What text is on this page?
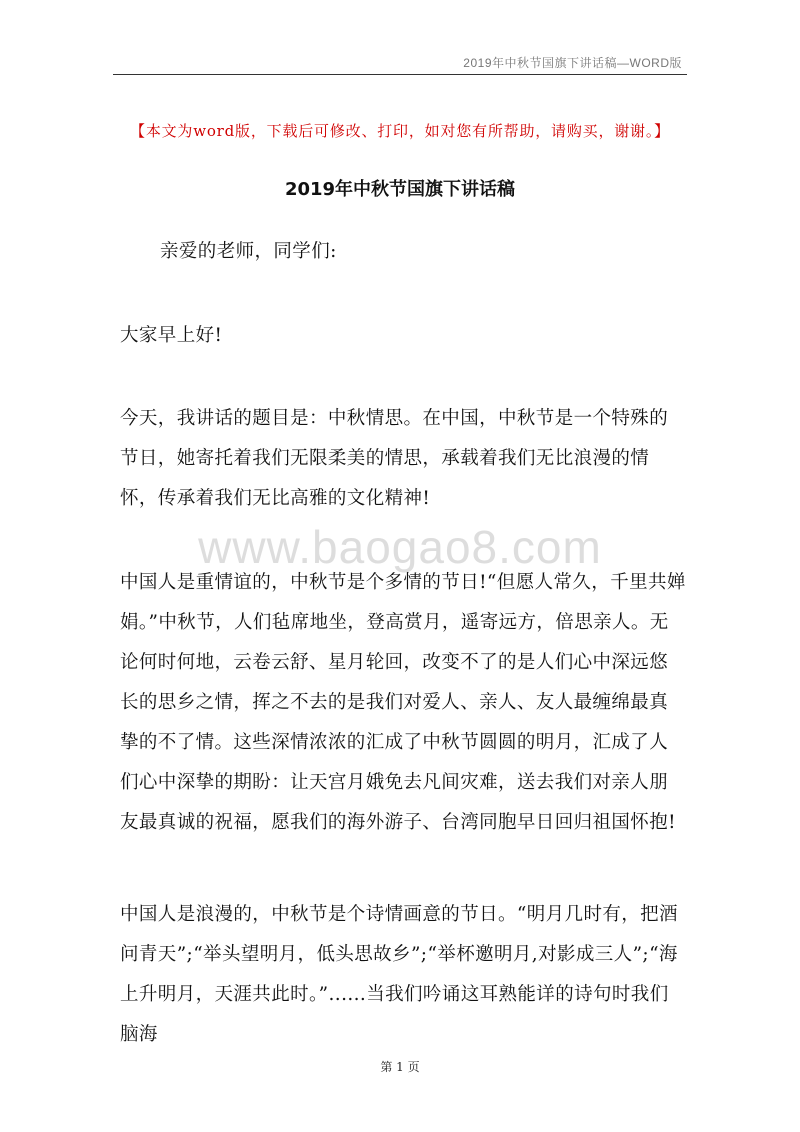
2019年中秋节国旗下讲话稿—WORD版
【本文为word版，下载后可修改、打印，如对您有所帮助，请购买，谢谢。】
2019年中秋节国旗下讲话稿

亲爱的老师，同学们:

大家早上好!

今天，我讲话的题目是：中秋情思。在中国，中秋节是一个特殊的节日，她寄托着我们无限柔美的情思，承载着我们无比浪漫的情怀，传承着我们无比高雅的文化精神!

中国人是重情谊的，中秋节是个多情的节日!“但愿人常久，千里共婵娟。”中秋节，人们毡席地坐，登高赏月，遥寄远方，倍思亲人。无论何时何地，云卷云舒、星月轮回，改变不了的是人们心中深远悠长的思乡之情，挥之不去的是我们对爱人、亲人、友人最缠绵最真挚的不了情。这些深情浓浓的汇成了中秋节圆圆的明月，汇成了人们心中深挚的期盼：让天宫月娥免去凡间灾难，送去我们对亲人朋友最真诚的祝福，愿我们的海外游子、台湾同胞早日回归祖国怀抱!

中国人是浪漫的，中秋节是个诗情画意的节日。“明月几时有，把酒问青天”;“举头望明月，低头思故乡”;“举杯邀明月,对影成三人”;“海上升明月，天涯共此时。”......当我们吟诵这耳熟能详的诗句时我们脑海

www.baogao8.com
第 1 页
